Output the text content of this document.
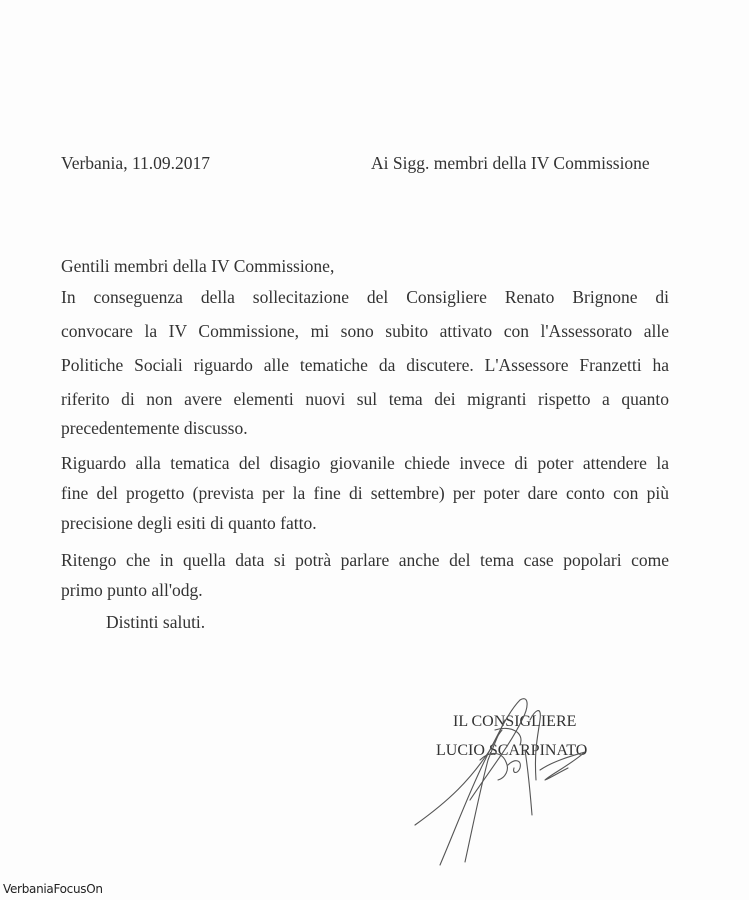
Verbania, 11.09.2017	Ai Sigg. membri della IV Commissione
Gentili membri della IV Commissione,
In conseguenza della sollecitazione del Consigliere Renato Brignone di
convocare la IV Commissione, mi sono subito attivato con l'Assessorato alle
Politiche Sociali riguardo alle tematiche da discutere. L'Assessore Franzetti ha
riferito di non avere elementi nuovi sul tema dei migranti rispetto a quanto
precedentemente discusso.
Riguardo alla tematica del disagio giovanile chiede invece di poter attendere la
fine del progetto (prevista per la fine di settembre) per poter dare conto con più
precisione degli esiti di quanto fatto.
Ritengo che in quella data si potrà parlare anche del tema case popolari come
primo punto all'odg.
Distinti saluti.
IL CONSIGLIERE
LUCIO SCARPINATO
VerbaniaFocusOn
